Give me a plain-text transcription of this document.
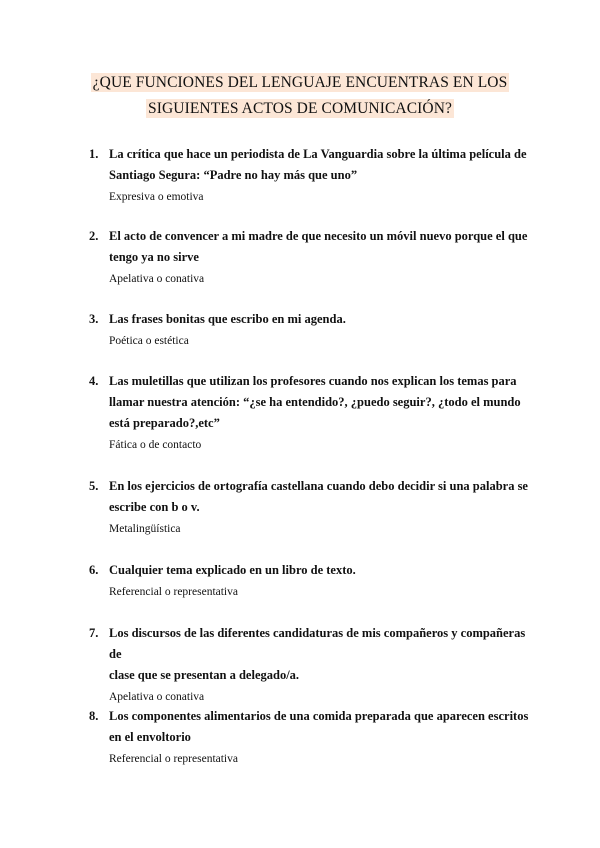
¿QUE FUNCIONES DEL LENGUAJE ENCUENTRAS EN LOS
SIGUIENTES ACTOS DE COMUNICACIÓN?
1. La crítica que hace un periodista de La Vanguardia sobre la última película de
Santiago Segura: “Padre no hay más que uno”
Expresiva o emotiva
2. El acto de convencer a mi madre de que necesito un móvil nuevo porque el que
tengo ya no sirve
Apelativa o conativa
3. Las frases bonitas que escribo en mi agenda.
Poética o estética
4. Las muletillas que utilizan los profesores cuando nos explican los temas para
llamar nuestra atención: “¿se ha entendido?, ¿puedo seguir?, ¿todo el mundo
está preparado?,etc”
Fática o de contacto
5. En los ejercicios de ortografía castellana cuando debo decidir si una palabra se
escribe con b o v.
Metalingüística
6. Cualquier tema explicado en un libro de texto.
Referencial o representativa
7. Los discursos de las diferentes candidaturas de mis compañeros y compañeras de
clase que se presentan a delegado/a.
Apelativa o conativa
8. Los componentes alimentarios de una comida preparada que aparecen escritos
en el envoltorio
Referencial o representativa
